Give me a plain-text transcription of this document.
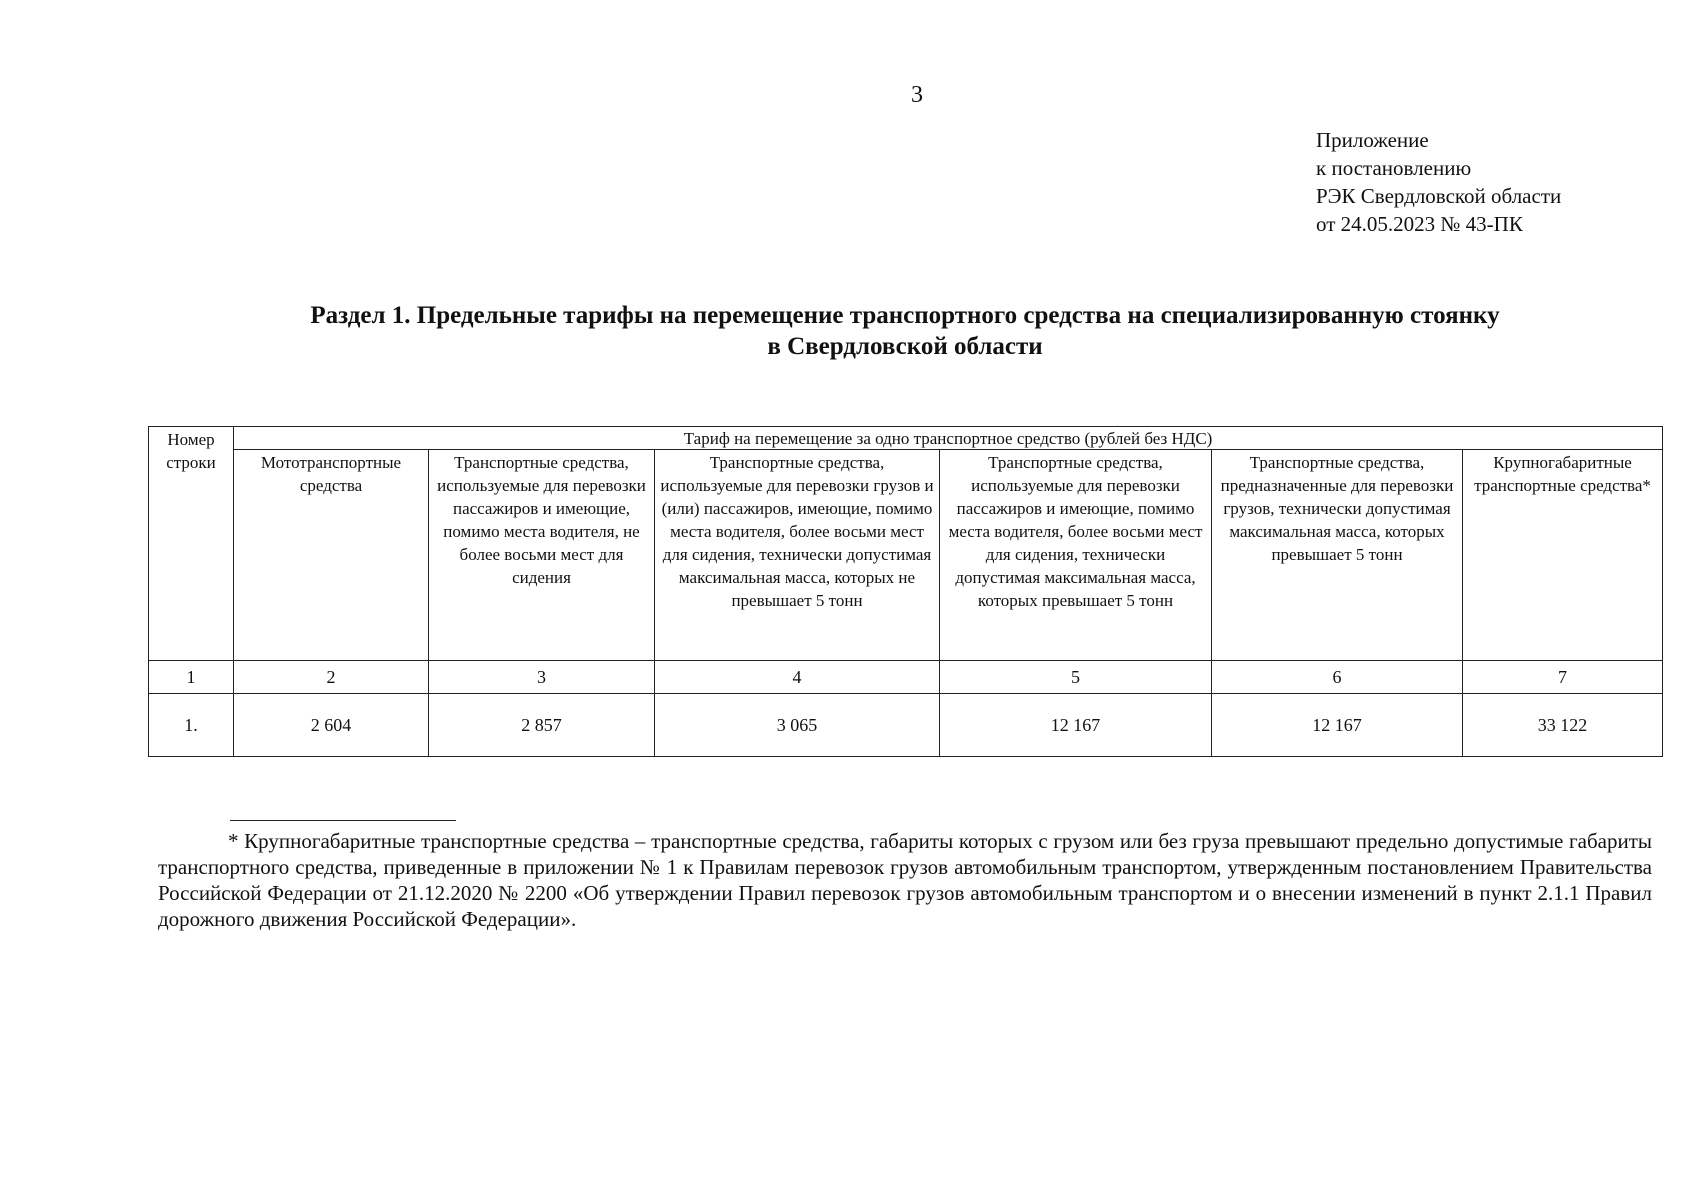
3
Приложение
к постановлению
РЭК Свердловской области
от 24.05.2023 № 43-ПК
Раздел 1. Предельные тарифы на перемещение транспортного средства на специализированную стоянку
в Свердловской области
Номер строки	Тариф на перемещение за одно транспортное средство (рублей без НДС)					
	Мототранспортные средства	Транспортные средства, используемые для перевозки пассажиров и имеющие, помимо места водителя, не более восьми мест для сидения	Транспортные средства, используемые для перевозки грузов и (или) пассажиров, имеющие, помимо места водителя, более восьми мест для сидения, технически допустимая максимальная масса, которых не превышает 5 тонн	Транспортные средства, используемые для перевозки пассажиров и имеющие, помимо места водителя, более восьми мест для сидения, технически допустимая максимальная масса, которых превышает 5 тонн	Транспортные средства, предназначенные для перевозки грузов, технически допустимая максимальная масса, которых превышает 5 тонн	Крупногабаритные транспортные средства*
1	2	3	4	5	6	7
1.	2 604	2 857	3 065	12 167	12 167	33 122
* Крупногабаритные транспортные средства – транспортные средства, габариты которых с грузом или без груза превышают предельно допустимые габариты транспортного средства, приведенные в приложении № 1 к Правилам перевозок грузов автомобильным транспортом, утвержденным постановлением Правительства Российской Федерации от 21.12.2020 № 2200 «Об утверждении Правил перевозок грузов автомобильным транспортом и о внесении изменений в пункт 2.1.1 Правил дорожного движения Российской Федерации».
